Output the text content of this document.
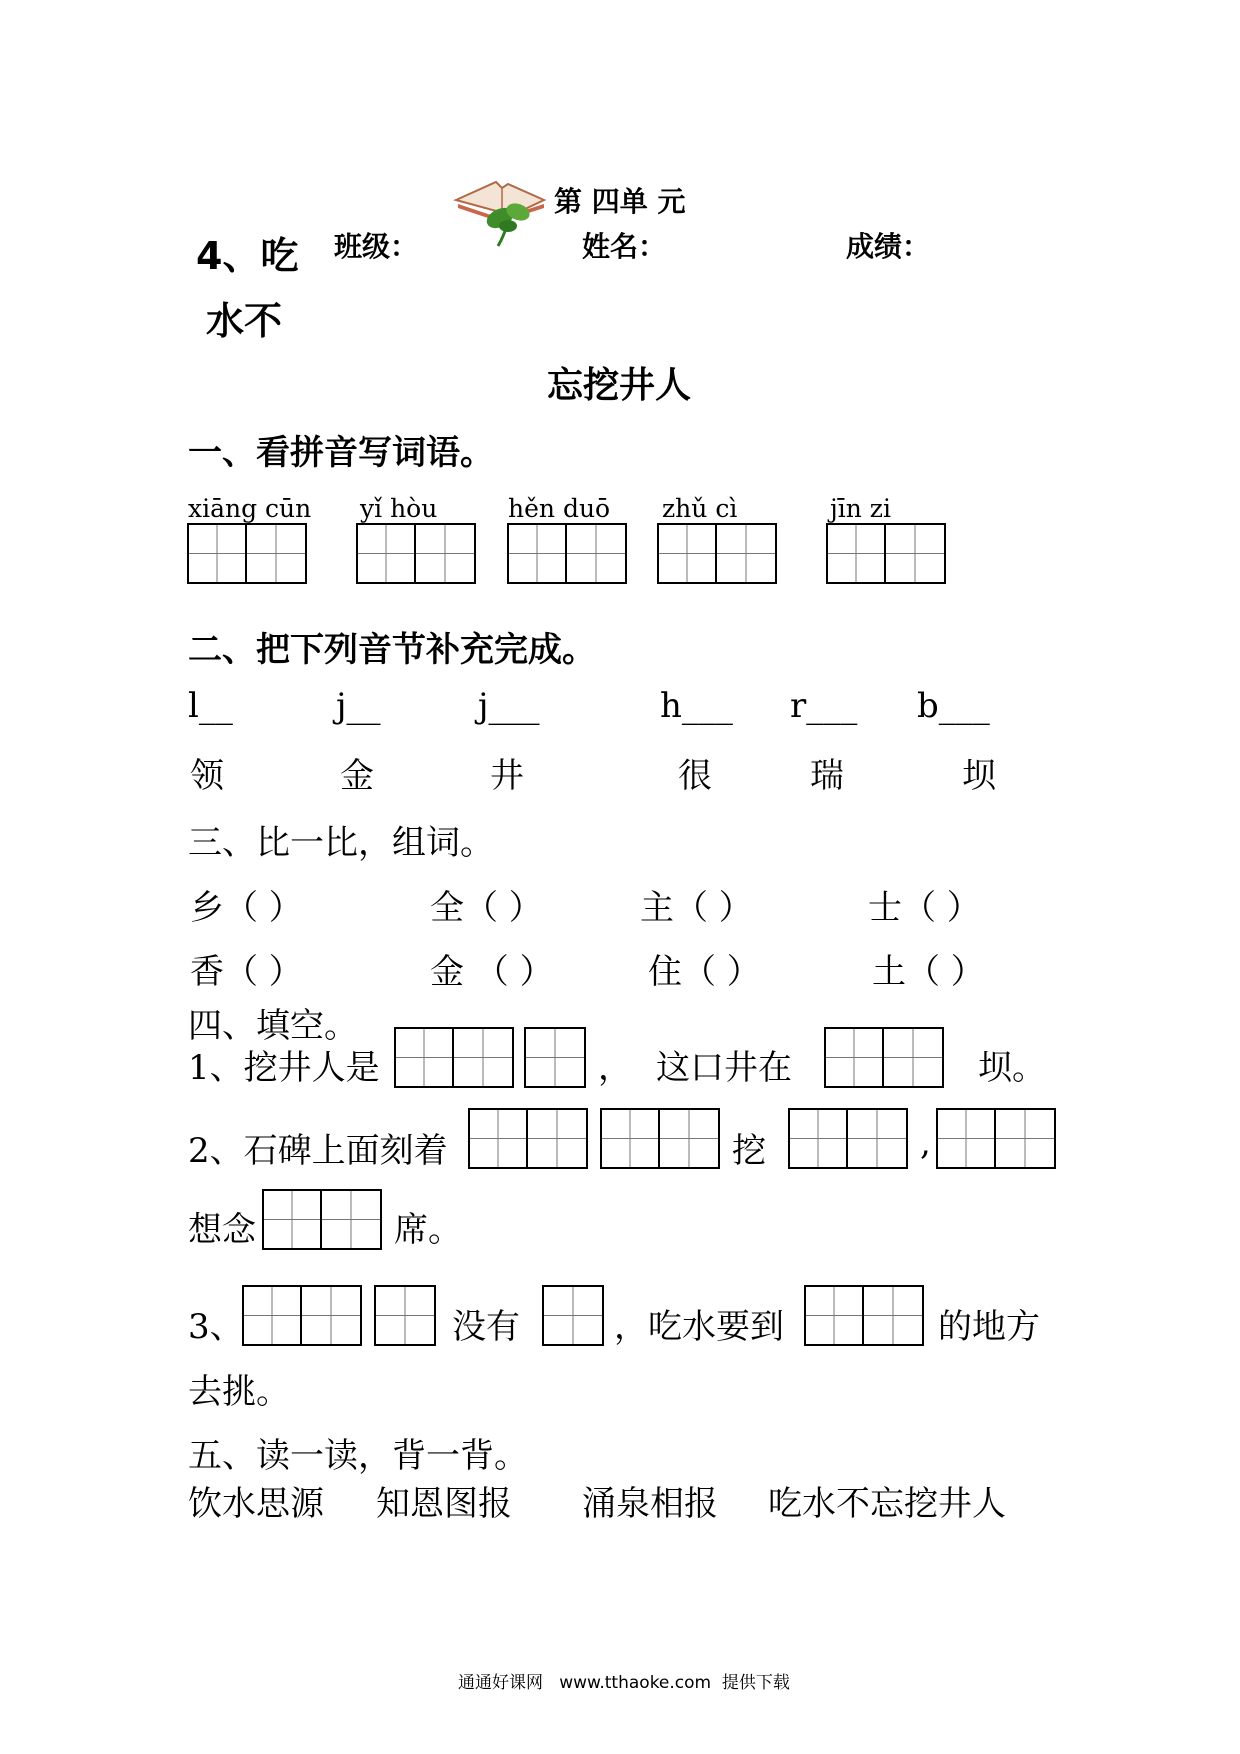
第 四单 元
4、吃 班级：	姓名：	成绩：
水不
忘挖井人
一、看拼音写词语。
xiāng cūn yǐ hòu	hěn duō zhǔ cì	jīn zi
二、把下列音节补充完成。
l__	j__	j___	h___ r___ b___
领	金	井	很	瑞	坝
三、比一比，组词。
乡（ ）	全（ ）	主（ ）	士（ ）
香（ ）	金 （ ）	住（ ）	土（ ）
四、填空。
1、挖井人是	， 这口井在	坝。
2、石碑上面刻着	挖	,
想念	席。
3、	没有	，吃水要到	的地方
去挑。
五、读一读，背一背。
饮水思源 知恩图报 涌泉相报 吃水不忘挖井人
通通好课网   www.tthaoke.com  提供下载
